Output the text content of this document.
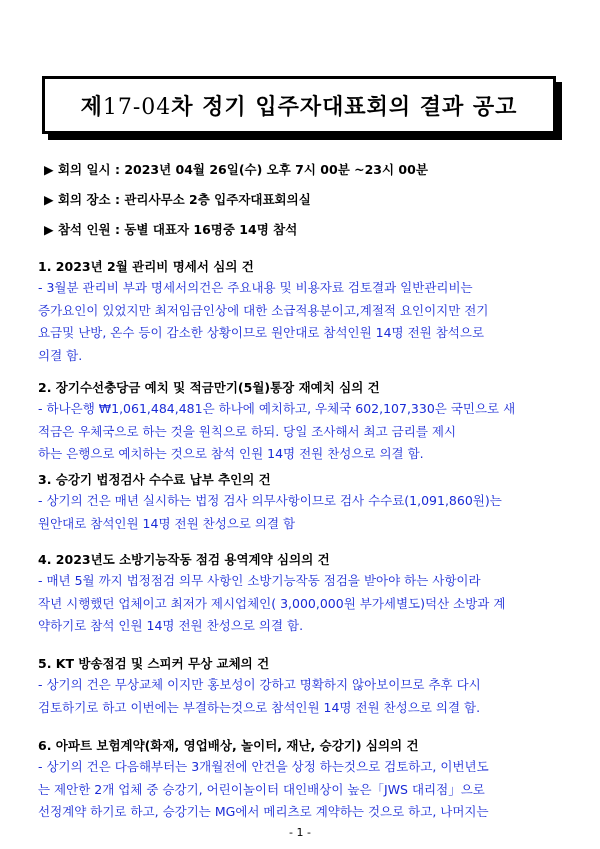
제17-04차 정기 입주자대표회의 결과 공고
▶ 회의 일시 : 2023년 04월 26일(수) 오후 7시 00분 ~23시 00분
▶ 회의 장소 : 관리사무소 2층 입주자대표회의실
▶ 참석 인원 : 동별 대표자 16명중 14명 참석
1. 2023년 2월 관리비 명세서 심의 건
- 3월분 관리비 부과 명세서의건은 주요내용 및 비용자료 검토결과 일반관리비는
증가요인이 있었지만 최저임금인상에 대한 소급적용분이고,계절적 요인이지만 전기
요금및 난방, 온수 등이 감소한 상황이므로 원안대로 참석인원 14명 전원 참석으로
의결 함.
2. 장기수선충당금 예치 및 적금만기(5월)통장 재예치 심의 건
- 하나은행 ₩1,061,484,481은 하나에 예치하고, 우체국 602,107,330은 국민으로 새
적금은 우체국으로 하는 것을 원칙으로 하되. 당일 조사해서 최고 금리를 제시
하는 은행으로 예치하는 것으로 참석 인원 14명 전원 찬성으로 의결 함.
3. 승강기 법정검사 수수료 납부 추인의 건
- 상기의 건은 매년 실시하는 법정 검사 의무사항이므로 검사 수수료(1,091,860원)는
원안대로 참석인원 14명 전원 찬성으로 의결 함
4. 2023년도 소방기능작동 점검 용역계약 심의의 건
- 매년 5월 까지 법정점검 의무 사항인 소방기능작동 점검을 받아야 하는 사항이라
작년 시행했던 업체이고 최저가 제시업체인( 3,000,000원 부가세별도)덕산 소방과 계
약하기로 참석 인원 14명 전원 찬성으로 의결 함.
5. KT 방송점검 및 스피커 무상 교체의 건
- 상기의 건은 무상교체 이지만 홍보성이 강하고 명확하지 않아보이므로 추후 다시
검토하기로 하고 이번에는 부결하는것으로 참석인원 14명 전원 찬성으로 의결 함.
6. 아파트 보험계약(화재, 영업배상, 놀이터, 재난, 승강기) 심의의 건
- 상기의 건은 다음해부터는 3개월전에 안건을 상정 하는것으로 검토하고, 이번년도
는 제안한 2개 업체 중 승강기, 어린이놀이터 대인배상이 높은「JWS 대리점」으로
선정계약 하기로 하고, 승강기는 MG에서 메리츠로 계약하는 것으로 하고, 나머지는
- 1 -
